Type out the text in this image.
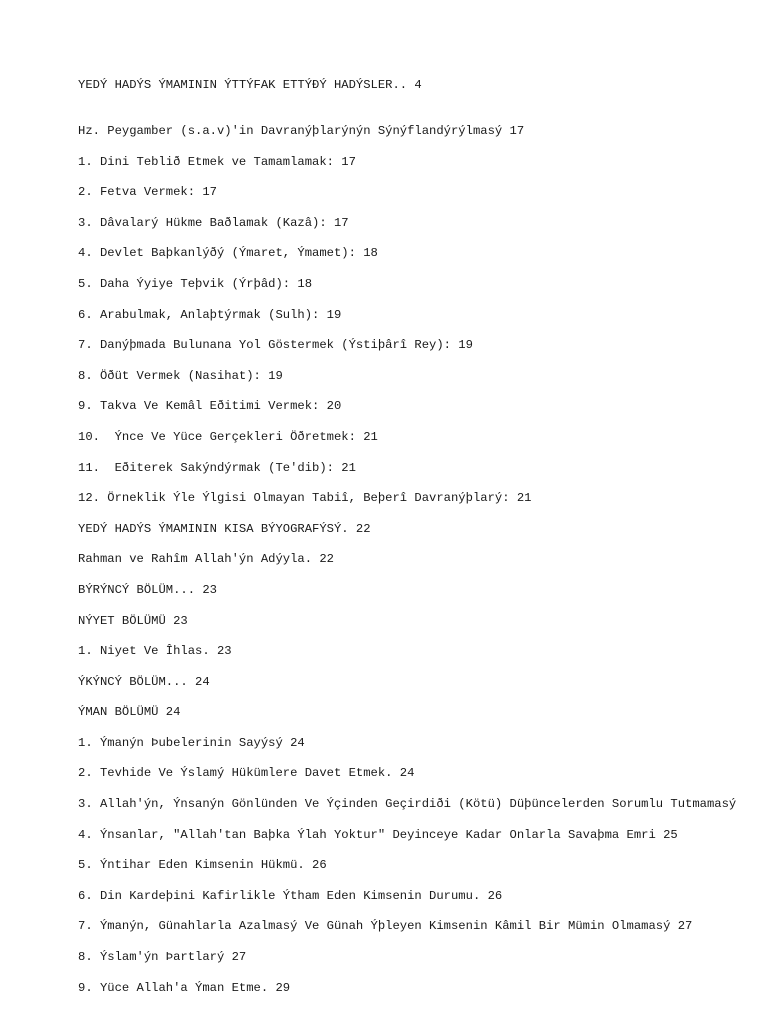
YEDÝ HADÝS ÝMAMININ ÝTTÝFAK ETTÝÐÝ HADÝSLER.. 4

Hz. Peygamber (s.a.v)'in Davranýþlarýnýn Sýnýflandýrýlmasý 17

1. Dini Teblið Etmek ve Tamamlamak: 17

2. Fetva Vermek: 17

3. Dâvalarý Hükme Baðlamak (Kazâ): 17

4. Devlet Baþkanlýðý (Ýmaret, Ýmamet): 18

5. Daha Ýyiye Teþvik (Ýrþâd): 18

6. Arabulmak, Anlaþtýrmak (Sulh): 19

7. Danýþmada Bulunana Yol Göstermek (Ýstiþârî Rey): 19

8. Öðüt Vermek (Nasihat): 19

9. Takva Ve Kemâl Eðitimi Vermek: 20

10.  Ýnce Ve Yüce Gerçekleri Öðretmek: 21

11.  Eðiterek Sakýndýrmak (Te'dib): 21

12. Örneklik Ýle Ýlgisi Olmayan Tabiî, Beþerî Davranýþlarý: 21

YEDÝ HADÝS ÝMAMININ KISA BÝYOGRAFÝSÝ. 22

Rahman ve Rahîm Allah'ýn Adýyla. 22

BÝRÝNCÝ BÖLÜM... 23

NÝYET BÖLÜMÜ 23

1. Niyet Ve Îhlas. 23

ÝKÝNCÝ BÖLÜM... 24

ÝMAN BÖLÜMÜ 24

1. Ýmanýn Þubelerinin Sayýsý 24

2. Tevhide Ve Ýslamý Hükümlere Davet Etmek. 24

3. Allah'ýn, Ýnsanýn Gönlünden Ve Ýçinden Geçirdiði (Kötü) Düþüncelerden Sorumlu Tutmamasý

4. Ýnsanlar, "Allah'tan Baþka Ýlah Yoktur" Deyinceye Kadar Onlarla Savaþma Emri 25

5. Ýntihar Eden Kimsenin Hükmü. 26

6. Din Kardeþini Kafirlikle Ýtham Eden Kimsenin Durumu. 26

7. Ýmanýn, Günahlarla Azalmasý Ve Günah Ýþleyen Kimsenin Kâmil Bir Mümin Olmamasý 27

8. Ýslam'ýn Þartlarý 27

9. Yüce Allah'a Ýman Etme. 29
